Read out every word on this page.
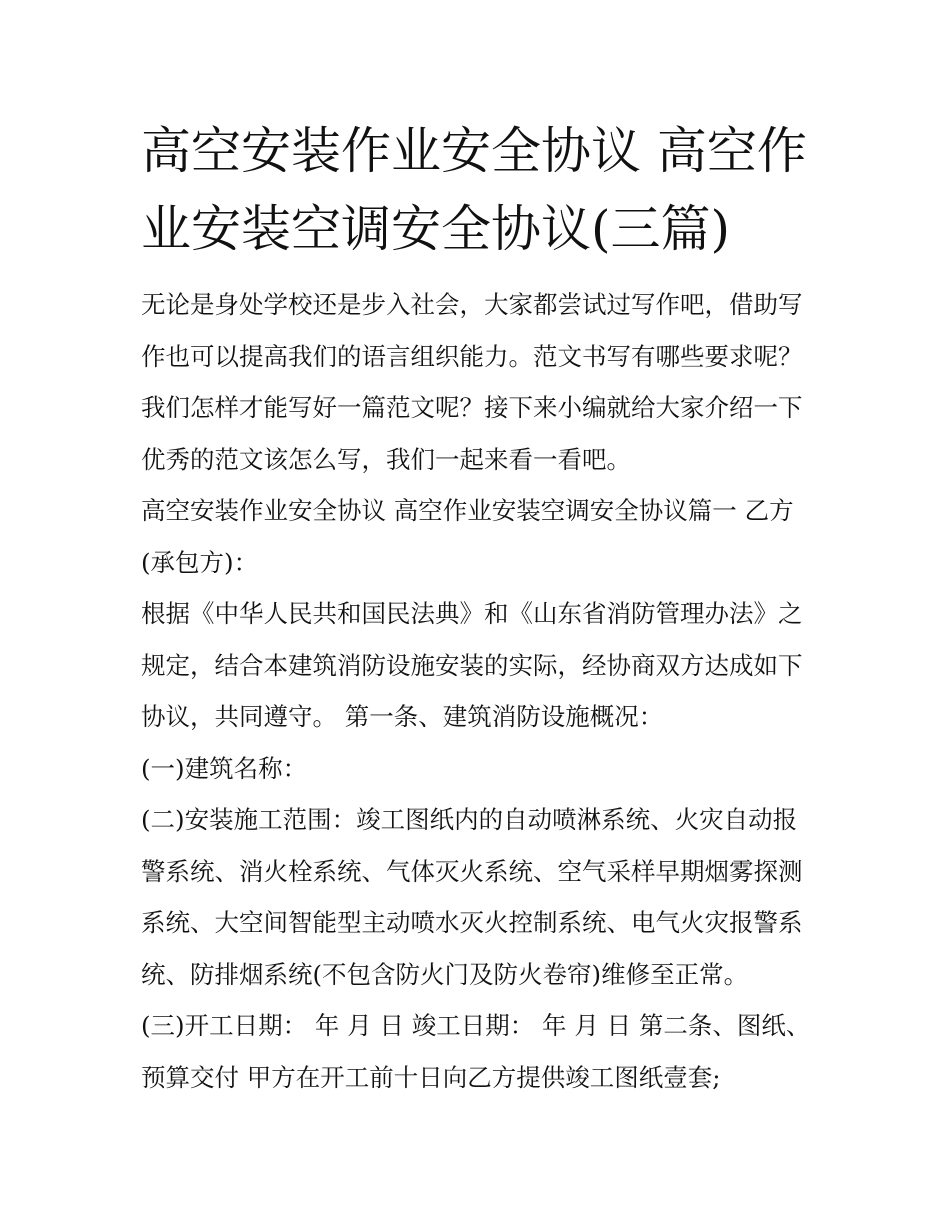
高空安装作业安全协议 高空作
业安装空调安全协议(三篇)

无论是身处学校还是步入社会，大家都尝试过写作吧，借助写
作也可以提高我们的语言组织能力。范文书写有哪些要求呢？
我们怎样才能写好一篇范文呢？接下来小编就给大家介绍一下
优秀的范文该怎么写，我们一起来看一看吧。

高空安装作业安全协议 高空作业安装空调安全协议篇一 乙方
(承包方)：

根据《中华人民共和国民法典》和《山东省消防管理办法》之
规定，结合本建筑消防设施安装的实际，经协商双方达成如下
协议，共同遵守。 第一条、建筑消防设施概况：

(一)建筑名称：

(二)安装施工范围：竣工图纸内的自动喷淋系统、火灾自动报
警系统、消火栓系统、气体灭火系统、空气采样早期烟雾探测
系统、大空间智能型主动喷水灭火控制系统、电气火灾报警系
统、防排烟系统(不包含防火门及防火卷帘)维修至正常。

(三)开工日期： 年 月 日 竣工日期： 年 月 日 第二条、图纸、
预算交付 甲方在开工前十日向乙方提供竣工图纸壹套;
